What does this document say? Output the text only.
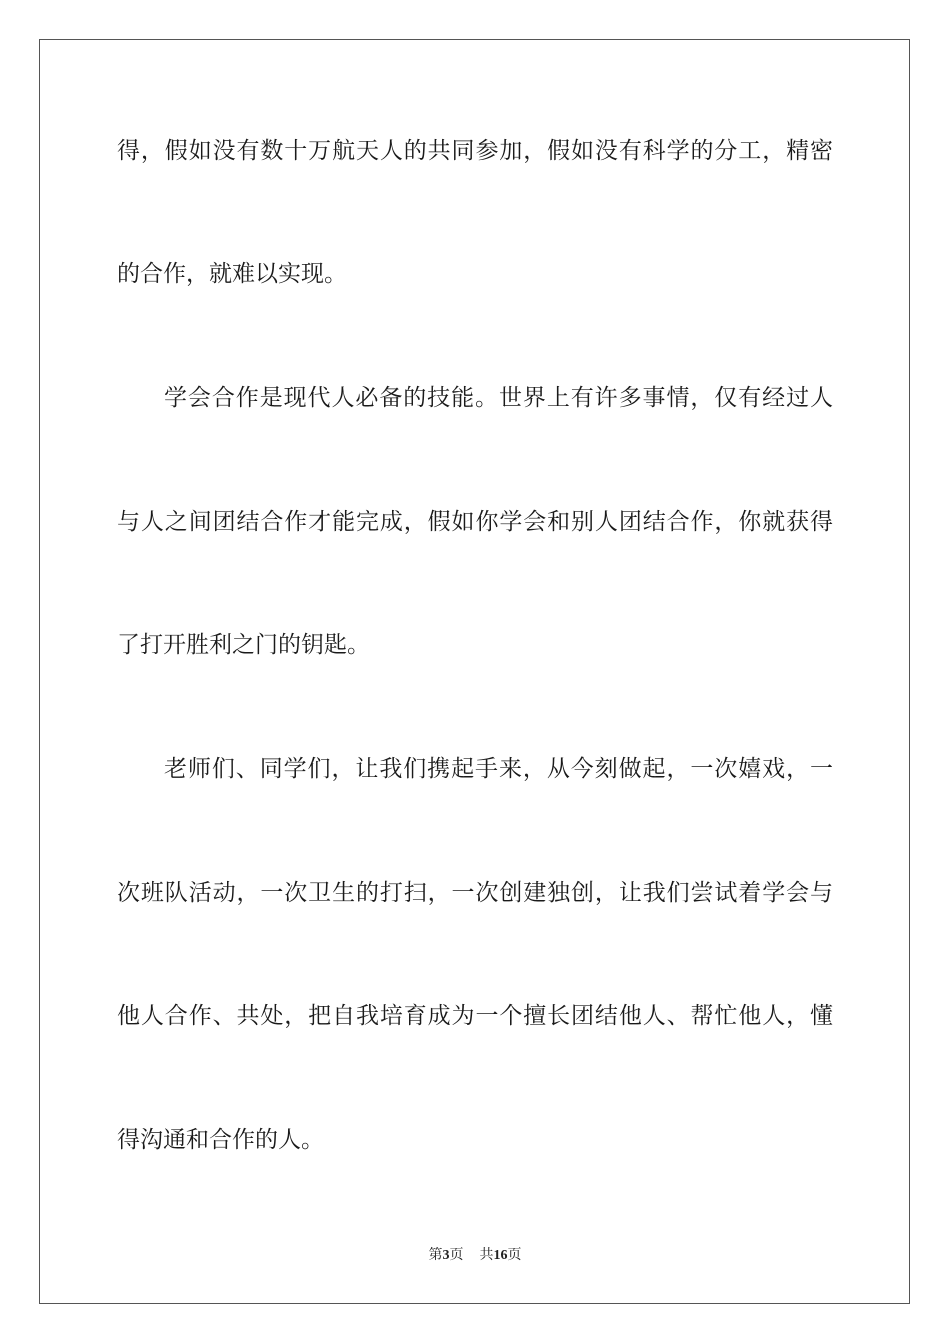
得，假如没有数十万航天人的共同参加，假如没有科学的分工，精密
的合作，就难以实现。
学会合作是现代人必备的技能。世界上有许多事情，仅有经过人
与人之间团结合作才能完成，假如你学会和别人团结合作，你就获得
了打开胜利之门的钥匙。
老师们、同学们，让我们携起手来，从今刻做起，一次嬉戏，一
次班队活动，一次卫生的打扫，一次创建独创，让我们尝试着学会与
他人合作、共处，把自我培育成为一个擅长团结他人、帮忙他人，懂
得沟通和合作的人。
第3页 共16页
